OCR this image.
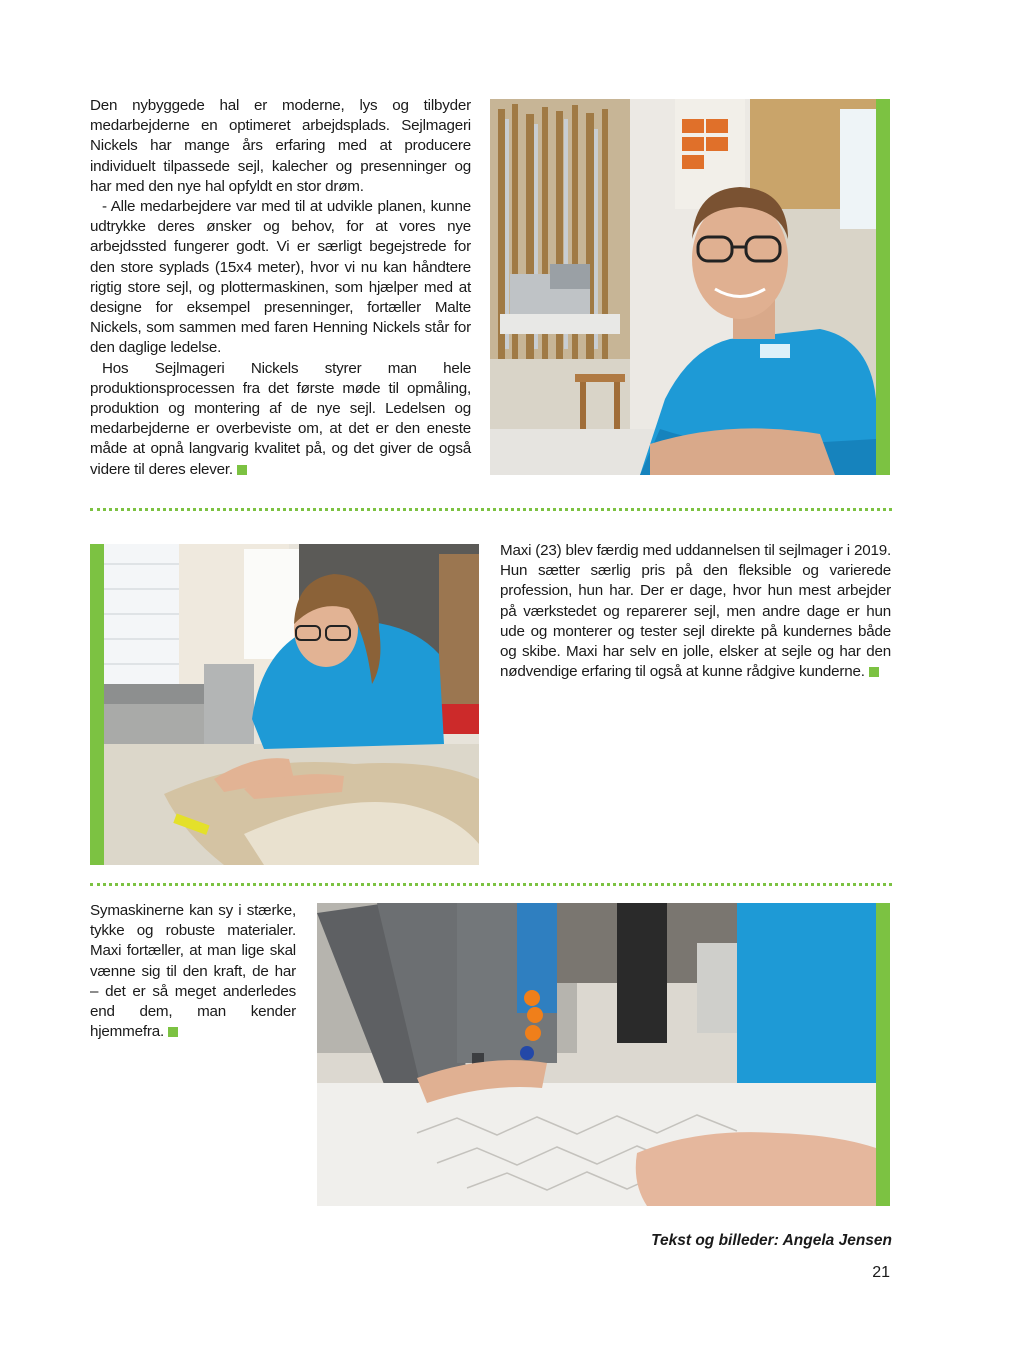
Den nybyggede hal er moderne, lys og tilbyder medarbejderne en optimeret arbejdsplads. Sejlmageri Nickels har mange års erfaring med at producere individuelt tilpassede sejl, kalecher og presenninger og har med den nye hal opfyldt en stor drøm.

- Alle medarbejdere var med til at udvikle planen, kunne udtrykke deres ønsker og behov, for at vores nye arbejdssted fungerer godt. Vi er særligt begejstrede for den store syplads (15x4 meter), hvor vi nu kan håndtere rigtig store sejl, og plottermaskinen, som hjælper med at designe for eksempel presenninger, fortæller Malte Nickels, som sammen med faren Henning Nickels står for den daglige ledelse.

Hos Sejlmageri Nickels styrer man hele produktionsprocessen fra det første møde til opmåling, produktion og montering af de nye sejl. Ledelsen og medarbejderne er overbeviste om, at det er den eneste måde at opnå langvarig kvalitet på, og det giver de også videre til deres elever.

Maxi (23) blev færdig med uddannelsen til sejlmager i 2019. Hun sætter særlig pris på den fleksible og varierede profession, hun har. Der er dage, hvor hun mest arbejder på værkstedet og reparerer sejl, men andre dage er hun ude og monterer og tester sejl direkte på kundernes både og skibe. Maxi har selv en jolle, elsker at sejle og har den nødvendige erfaring til også at kunne rådgive kunderne.

Symaskinerne kan sy i stærke, tykke og robuste materialer. Maxi fortæller, at man lige skal vænne sig til den kraft, de har – det er så meget anderledes end dem, man kender hjemmefra.

Tekst og billeder: Angela Jensen
21
